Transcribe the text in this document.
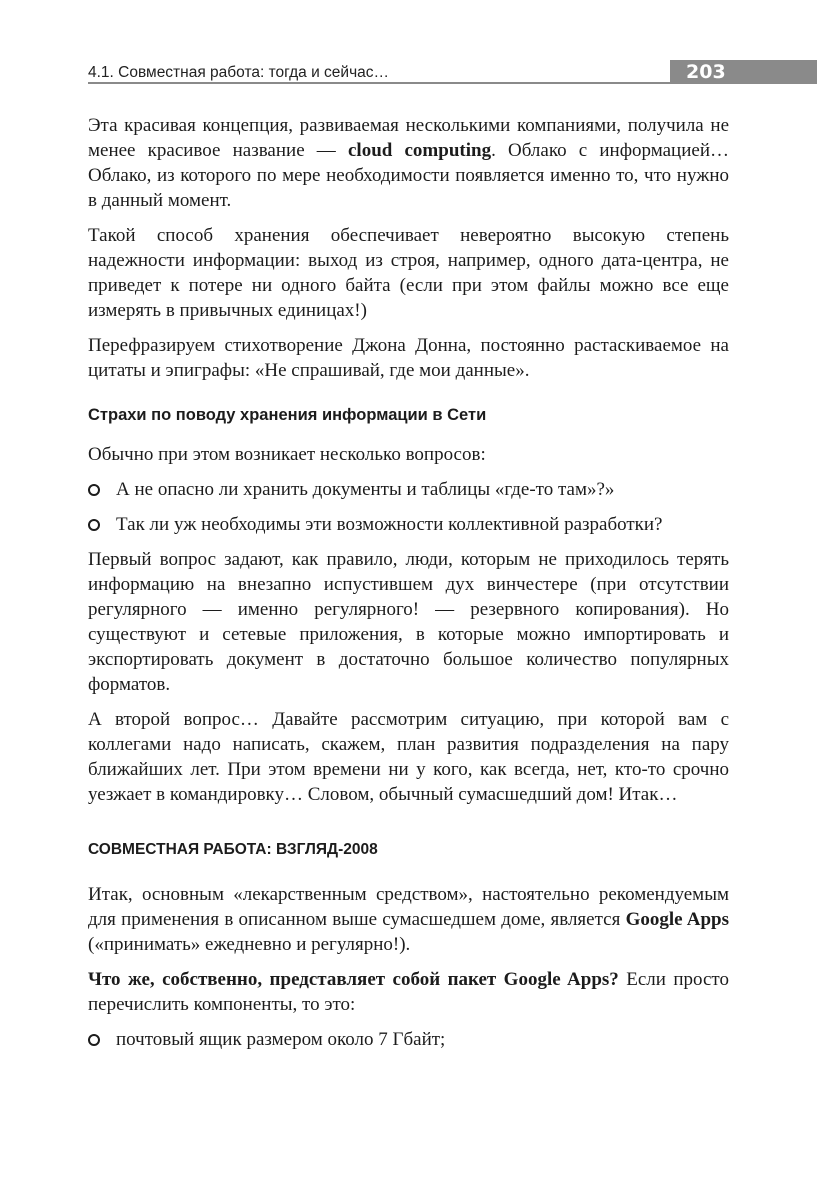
4.1. Совместная работа: тогда и сейчас…	203

Эта красивая концепция, развиваемая несколькими компаниями, получила не менее красивое название — cloud computing. Облако с информацией… Облако, из которого по мере необходимости появляется именно то, что нужно в данный момент.

Такой способ хранения обеспечивает невероятно высокую степень надежности информации: выход из строя, например, одного дата-центра, не приведет к потере ни одного байта (если при этом файлы можно все еще измерять в привычных единицах!)

Перефразируем стихотворение Джона Донна, постоянно растаскиваемое на цитаты и эпиграфы: «Не спрашивай, где мои данные».

Страхи по поводу хранения информации в Сети

Обычно при этом возникает несколько вопросов:

А не опасно ли хранить документы и таблицы «где-то там»?»
Так ли уж необходимы эти возможности коллективной разработки?

Первый вопрос задают, как правило, люди, которым не приходилось терять информацию на внезапно испустившем дух винчестере (при отсутствии регулярного — именно регулярного! — резервного копирования). Но существуют и сетевые приложения, в которые можно импортировать и экспортировать документ в достаточно большое количество популярных форматов.

А второй вопрос… Давайте рассмотрим ситуацию, при которой вам с коллегами надо написать, скажем, план развития подразделения на пару ближайших лет. При этом времени ни у кого, как всегда, нет, кто-то срочно уезжает в командировку… Словом, обычный сумасшедший дом! Итак…

СОВМЕСТНАЯ РАБОТА: ВЗГЛЯД-2008

Итак, основным «лекарственным средством», настоятельно рекомендуемым для применения в описанном выше сумасшедшем доме, является Google Apps («принимать» ежедневно и регулярно!).

Что же, собственно, представляет собой пакет Google Apps? Если просто перечислить компоненты, то это:

почтовый ящик размером около 7 Гбайт;
